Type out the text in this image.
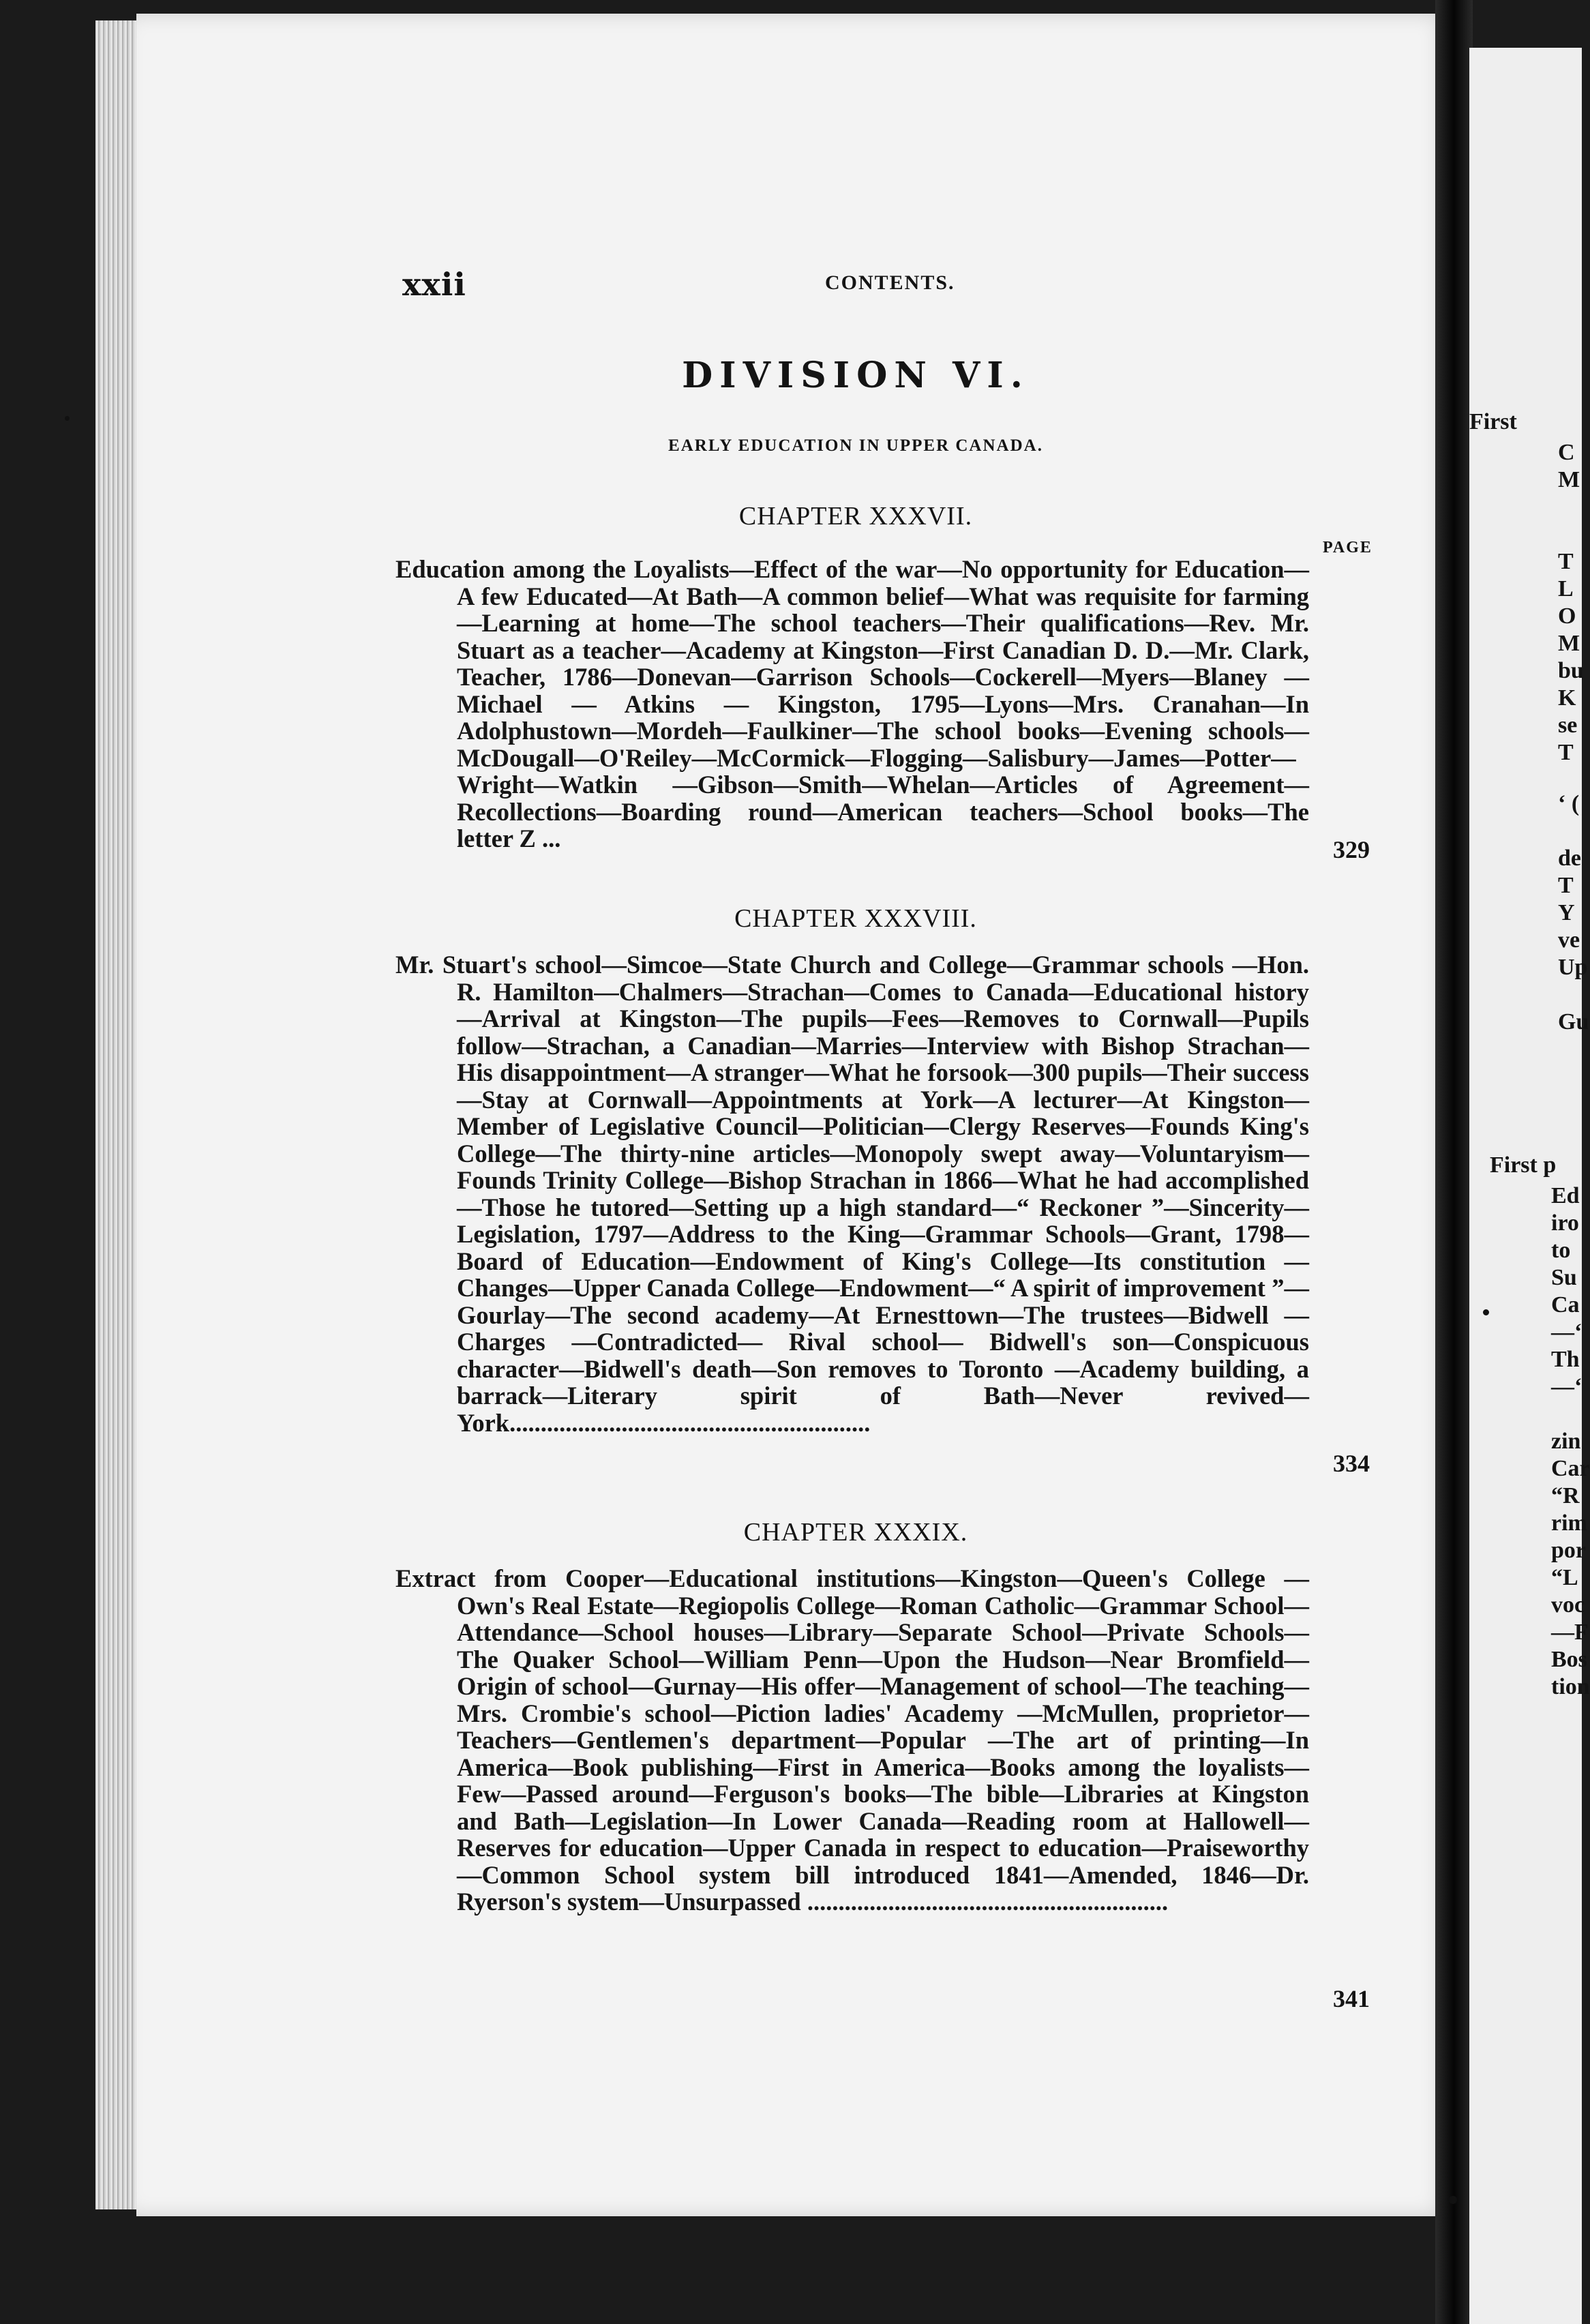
First
C
M
T
L
O
M
bu
K
se
T
‘ (
de
T
Y
ve
Up
Gu
First p
Ed
iro
to
Su
Ca
—‘
Th
—‘
zin
Car
“R
rim
por
“L
voc
—F
Bos
tion
xxii	CONTENTS.
DIVISION VI.
EARLY EDUCATION IN UPPER CANADA.
PAGE
CHAPTER XXXVII.

Education among the Loyalists—Effect of the war—No opportunity for Education—A few Educated—At Bath—A common belief—What was requisite for farming—Learning at home—The school teachers—Their qualifications—Rev. Mr. Stuart as a teacher—Academy at Kingston—First Canadian D. D.—Mr. Clark, Teacher, 1786—Donevan—Garrison Schools—Cockerell—Myers—Blaney — Michael — Atkins — Kingston, 1795—Lyons—Mrs. Cranahan—In Adolphustown—Mordeh—Faulkiner—The school books—Evening schools—McDougall—O'Reiley—McCormick—Flogging—Salisbury—James—Potter—Wright—Watkin —Gibson—Smith—Whelan—Articles of Agreement—Recollections—Boarding round—American teachers—School books—The letter Z ...	329
CHAPTER XXXVIII.

Mr. Stuart's school—Simcoe—State Church and College—Grammar schools —Hon. R. Hamilton—Chalmers—Strachan—Comes to Canada—Educational history—Arrival at Kingston—The pupils—Fees—Removes to Cornwall—Pupils follow—Strachan, a Canadian—Marries—Interview with Bishop Strachan—His disappointment—A stranger—What he forsook—300 pupils—Their success—Stay at Cornwall—Appointments at York—A lecturer—At Kingston—Member of Legislative Council—Politician—Clergy Reserves—Founds King's College—The thirty-nine articles—Monopoly swept away—Voluntaryism—Founds Trinity College—Bishop Strachan in 1866—What he had accomplished—Those he tutored—Setting up a high standard—“ Reckoner ”—Sincerity—Legislation, 1797—Address to the King—Grammar Schools—Grant, 1798—Board of Education—Endowment of King's College—Its constitution —Changes—Upper Canada College—Endowment—“ A spirit of improvement ”—Gourlay—The second academy—At Ernesttown—The trustees—Bidwell —Charges —Contradicted— Rival school— Bidwell's son—Conspicuous character—Bidwell's death—Son removes to Toronto —Academy building, a barrack—Literary spirit of Bath—Never revived—York..........................................................

334
CHAPTER XXXIX.

Extract from Cooper—Educational institutions—Kingston—Queen's College —Own's Real Estate—Regiopolis College—Roman Catholic—Grammar School—Attendance—School houses—Library—Separate School—Private Schools—The Quaker School—William Penn—Upon the Hudson—Near Bromfield—Origin of school—Gurnay—His offer—Management of school—The teaching—Mrs. Crombie's school—Piction ladies' Academy —McMullen, proprietor—Teachers—Gentlemen's department—Popular —The art of printing—In America—Book publishing—First in America—Books among the loyalists—Few—Passed around—Ferguson's books—The bible—Libraries at Kingston and Bath—Legislation—In Lower Canada—Reading room at Hallowell—Reserves for education—Upper Canada in respect to education—Praiseworthy—Common School system bill introduced 1841—Amended, 1846—Dr. Ryerson's system—Unsurpassed ..........................................................

341
